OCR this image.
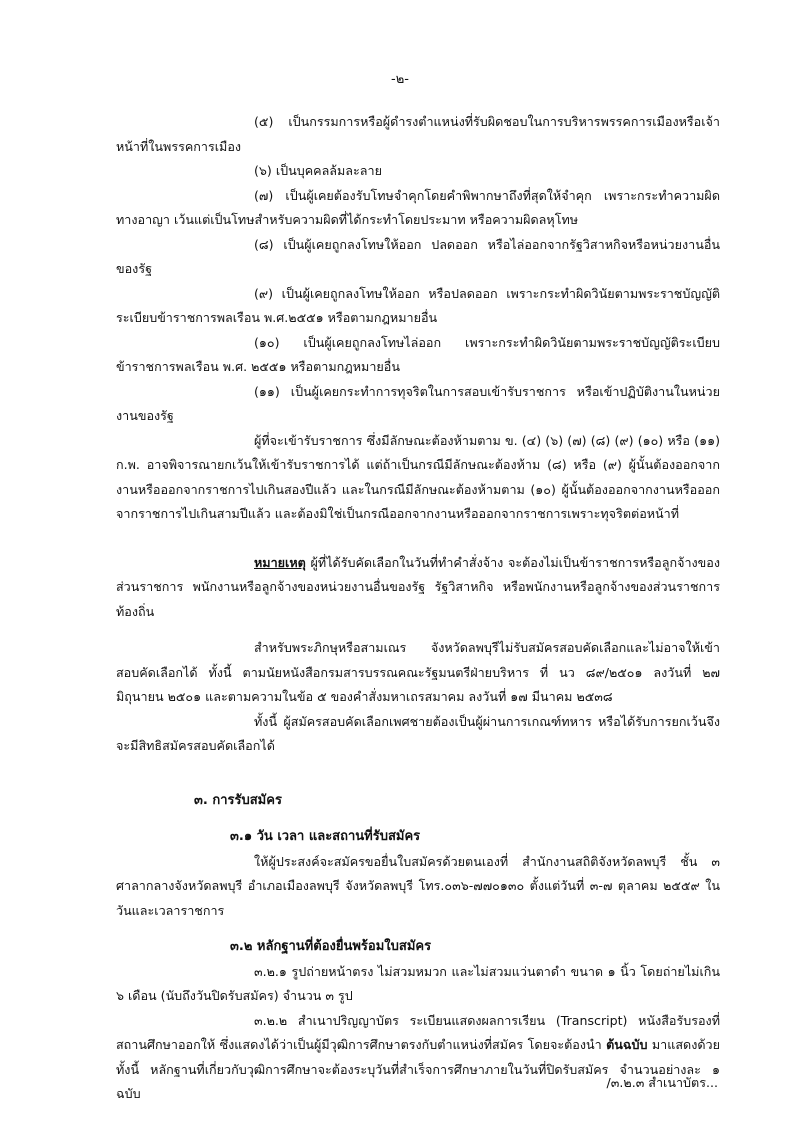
-๒-

(๕) เป็นกรรมการหรือผู้ดำรงตำแหน่งที่รับผิดชอบในการบริหารพรรคการเมืองหรือเจ้าหน้าที่ในพรรคการเมือง

(๖) เป็นบุคคลล้มละลาย

(๗) เป็นผู้เคยต้องรับโทษจำคุกโดยคำพิพากษาถึงที่สุดให้จำคุก เพราะกระทำความผิดทางอาญา เว้นแต่เป็นโทษสำหรับความผิดที่ได้กระทำโดยประมาท หรือความผิดลหุโทษ

(๘) เป็นผู้เคยถูกลงโทษให้ออก ปลดออก หรือไล่ออกจากรัฐวิสาหกิจหรือหน่วยงานอื่นของรัฐ

(๙) เป็นผู้เคยถูกลงโทษให้ออก หรือปลดออก เพราะกระทำผิดวินัยตามพระราชบัญญัติระเบียบข้าราชการพลเรือน พ.ศ.๒๕๕๑ หรือตามกฎหมายอื่น

(๑๐) เป็นผู้เคยถูกลงโทษไล่ออก เพราะกระทำผิดวินัยตามพระราชบัญญัติระเบียบข้าราชการพลเรือน พ.ศ. ๒๕๕๑ หรือตามกฎหมายอื่น

(๑๑) เป็นผู้เคยกระทำการทุจริตในการสอบเข้ารับราชการ หรือเข้าปฏิบัติงานในหน่วยงานของรัฐ

ผู้ที่จะเข้ารับราชการ ซึ่งมีลักษณะต้องห้ามตาม ข. (๔) (๖) (๗) (๘) (๙) (๑๐) หรือ (๑๑) ก.พ. อาจพิจารณายกเว้นให้เข้ารับราชการได้ แต่ถ้าเป็นกรณีมีลักษณะต้องห้าม (๘) หรือ (๙) ผู้นั้นต้องออกจากงานหรือออกจากราชการไปเกินสองปีแล้ว และในกรณีมีลักษณะต้องห้ามตาม (๑๐) ผู้นั้นต้องออกจากงานหรือออกจากราชการไปเกินสามปีแล้ว และต้องมิใช่เป็นกรณีออกจากงานหรือออกจากราชการเพราะทุจริตต่อหน้าที่

หมายเหตุ ผู้ที่ได้รับคัดเลือกในวันที่ทำคำสั่งจ้าง จะต้องไม่เป็นข้าราชการหรือลูกจ้างของส่วนราชการ พนักงานหรือลูกจ้างของหน่วยงานอื่นของรัฐ รัฐวิสาหกิจ หรือพนักงานหรือลูกจ้างของส่วนราชการท้องถิ่น

สำหรับพระภิกษุหรือสามเณร จังหวัดลพบุรีไม่รับสมัครสอบคัดเลือกและไม่อาจให้เข้าสอบคัดเลือกได้ ทั้งนี้ ตามนัยหนังสือกรมสารบรรณคณะรัฐมนตรีฝ่ายบริหาร ที่ นว ๘๙/๒๕๐๑ ลงวันที่ ๒๗ มิถุนายน ๒๕๐๑ และตามความในข้อ ๕ ของคำสั่งมหาเถรสมาคม ลงวันที่ ๑๗ มีนาคม ๒๕๓๘

ทั้งนี้ ผู้สมัครสอบคัดเลือกเพศชายต้องเป็นผู้ผ่านการเกณฑ์ทหาร หรือได้รับการยกเว้นจึงจะมีสิทธิสมัครสอบคัดเลือกได้

๓. การรับสมัคร

๓.๑ วัน เวลา และสถานที่รับสมัคร

ให้ผู้ประสงค์จะสมัครขอยื่นใบสมัครด้วยตนเองที่ สำนักงานสถิติจังหวัดลพบุรี ชั้น ๓ ศาลากลางจังหวัดลพบุรี อำเภอเมืองลพบุรี จังหวัดลพบุรี โทร.๐๓๖-๗๗๐๑๓๐ ตั้งแต่วันที่ ๓-๗ ตุลาคม ๒๕๕๙ ในวันและเวลาราชการ

๓.๒ หลักฐานที่ต้องยื่นพร้อมใบสมัคร

๓.๒.๑ รูปถ่ายหน้าตรง ไม่สวมหมวก และไม่สวมแว่นตาดำ ขนาด ๑ นิ้ว โดยถ่ายไม่เกิน ๖ เดือน (นับถึงวันปิดรับสมัคร) จำนวน ๓ รูป

๓.๒.๒ สำเนาปริญญาบัตร ระเบียนแสดงผลการเรียน (Transcript) หนังสือรับรองที่สถานศึกษาออกให้ ซึ่งแสดงได้ว่าเป็นผู้มีวุฒิการศึกษาตรงกับตำแหน่งที่สมัคร โดยจะต้องนำ ต้นฉบับ มาแสดงด้วย ทั้งนี้ หลักฐานที่เกี่ยวกับวุฒิการศึกษาจะต้องระบุวันที่สำเร็จการศึกษาภายในวันที่ปิดรับสมัคร จำนวนอย่างละ ๑ ฉบับ

/๓.๒.๓ สำเนาบัตร...
